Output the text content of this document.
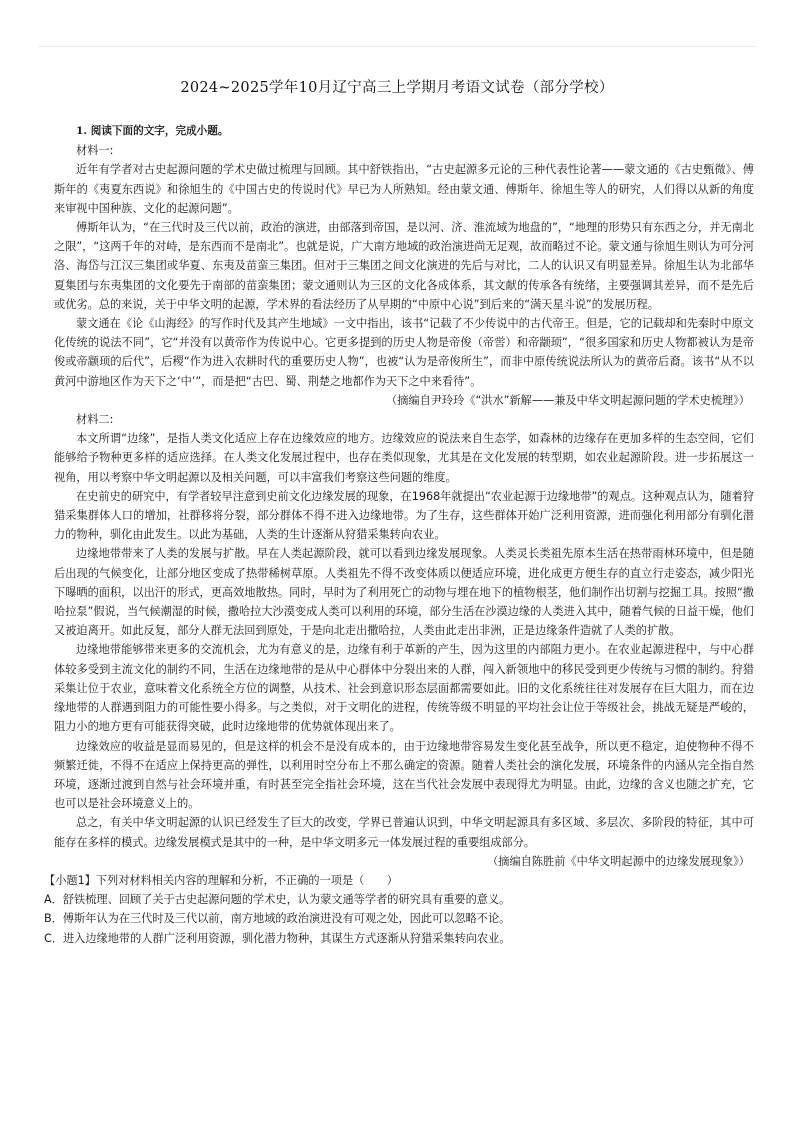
2024~2025学年10月辽宁高三上学期月考语文试卷（部分学校）

1. 阅读下面的文字，完成小题。

材料一:

近年有学者对古史起源问题的学术史做过梳理与回顾。其中舒铁指出，“古史起源多元论的三种代表性论著——蒙文通的《古史甄微》、傅斯年的《夷夏东西说》和徐旭生的《中国古史的传说时代》早已为人所熟知。经由蒙文通、傅斯年、徐旭生等人的研究，人们得以从新的角度来审视中国种族、文化的起源问题”。

傅斯年认为，“在三代时及三代以前，政治的演进，由部落到帝国，是以河、济、淮流域为地盘的”，“地理的形势只有东西之分，并无南北之限”，“这两千年的对峙，是东西而不是南北”。也就是说，广大南方地域的政治演进尚无足观，故而略过不论。蒙文通与徐旭生则认为可分河洛、海岱与江汉三集团或华夏、东夷及苗蛮三集团。但对于三集团之间文化演进的先后与对比，二人的认识又有明显差异。徐旭生认为北部华夏集团与东夷集团的文化要先于南部的苗蛮集团；蒙文通则认为三区的文化各成体系，其文献的传承各有统绪，主要强调其差异，而不是先后或优劣。总的来说，关于中华文明的起源，学术界的看法经历了从早期的“中原中心说”到后来的“满天星斗说”的发展历程。

蒙文通在《论《山海经》的写作时代及其产生地域》一文中指出，该书“记载了不少传说中的古代帝王。但是，它的记载却和先秦时中原文化传统的说法不同”，它“并没有以黄帝作为传说中心。它更多提到的历史人物是帝俊（帝喾）和帝颛顼”，“很多国家和历史人物都被认为是帝俊或帝颛顼的后代”，后稷“作为进入农耕时代的重要历史人物”，也被“认为是帝俊所生”，而非中原传统说法所认为的黄帝后裔。该书“从不以黄河中游地区作为天下之‘中’”，而是把“古巴、蜀、荆楚之地都作为天下之中来看待”。

（摘编自尹玲玲《“洪水”新解——兼及中华文明起源问题的学术史梳理》）

材料二:

本文所谓“边缘”，是指人类文化适应上存在边缘效应的地方。边缘效应的说法来自生态学，如森林的边缘存在更加多样的生态空间，它们能够给予物种更多样的适应选择。在人类文化发展过程中，也存在类似现象，尤其是在文化发展的转型期，如农业起源阶段。进一步拓展这一视角，用以考察中华文明起源以及相关问题，可以丰富我们考察这些问题的维度。

在史前史的研究中，有学者较早注意到史前文化边缘发展的现象，在1968年就提出“农业起源于边缘地带”的观点。这种观点认为，随着狩猎采集群体人口的增加，社群移将分裂，部分群体不得不进入边缘地带。为了生存，这些群体开始广泛利用资源，进而强化利用部分有驯化潜力的物种，驯化由此发生。以此为基础，人类的生计逐渐从狩猎采集转向农业。

边缘地带带来了人类的发展与扩散。早在人类起源阶段，就可以看到边缘发展现象。人类灵长类祖先原本生活在热带雨林环境中，但是随后出现的气候变化，让部分地区变成了热带稀树草原。人类祖先不得不改变体质以便适应环境，进化成更方便生存的直立行走姿态，减少阳光下曝晒的面积，以出汗的形式，更高效地散热。同时，早时为了利用死亡的动物与埋在地下的植物根茎，他们制作出切割与挖掘工具。按照“撒哈拉泵”假说，当气候潮湿的时候，撒哈拉大沙漠变成人类可以利用的环境，部分生活在沙漠边缘的人类进入其中，随着气候的日益干燥，他们又被迫离开。如此反复，部分人群无法回到原处，于是向北走出撒哈拉，人类由此走出非洲，正是边缘条件造就了人类的扩散。

边缘地带能够带来更多的交流机会，尤为有意义的是，边缘有利于革新的产生，因为这里的内部阻力更小。在农业起源进程中，与中心群体较多受到主流文化的制约不同，生活在边缘地带的是从中心群体中分裂出来的人群，闯入新领地中的移民受到更少传统与习惯的制约。狩猎采集让位于农业，意味着文化系统全方位的调整，从技术、社会到意识形态层面都需要如此。旧的文化系统往往对发展存在巨大阻力，而在边缘地带的人群遇到阻力的可能性要小得多。与之类似，对于文明化的进程，传统等级不明显的平均社会让位于等级社会，挑战无疑是严峻的，阻力小的地方更有可能获得突破，此时边缘地带的优势就体现出来了。

边缘效应的收益是显而易见的，但是这样的机会不是没有成本的，由于边缘地带容易发生变化甚至战争，所以更不稳定，迫使物种不得不频繁迁徙，不得不在适应上保持更高的弹性，以利用时空分布上不那么确定的资源。随着人类社会的演化发展，环境条件的内涵从完全指自然环境，逐渐过渡到自然与社会环境并重，有时甚至完全指社会环境，这在当代社会发展中表现得尤为明显。由此，边缘的含义也随之扩充，它也可以是社会环境意义上的。

总之，有关中华文明起源的认识已经发生了巨大的改变，学界已普遍认识到，中华文明起源具有多区域、多层次、多阶段的特征，其中可能存在多样的模式。边缘发展模式是其中的一种，是中华文明多元一体发展过程的重要组成部分。

（摘编自陈胜前《中华文明起源中的边缘发展现象》）

【小题1】下列对材料相关内容的理解和分析，不正确的一项是（　　）

A．舒铁梳理、回顾了关于古史起源问题的学术史，认为蒙文通等学者的研究具有重要的意义。

B．傅斯年认为在三代时及三代以前，南方地域的政治演进没有可观之处，因此可以忽略不论。

C．进入边缘地带的人群广泛利用资源，驯化潜力物种，其谋生方式逐渐从狩猎采集转向农业。
